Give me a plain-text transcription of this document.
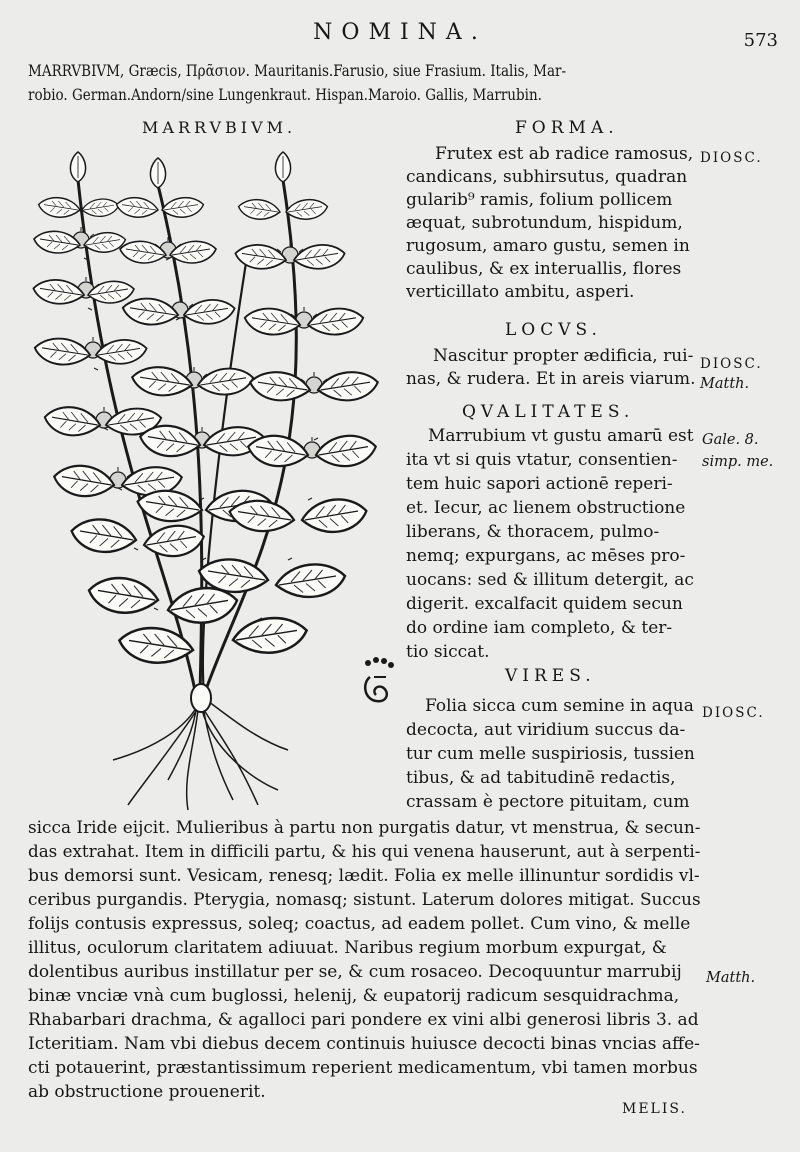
NOMINA.	573
MARRVBIVM, Græcis, Πρᾶσιον. Mauritanis.Farusio, siue Frasium. Italis, Mar-
robio. German.Andorn/sine Lungenkraut. Hispan.Maroio. Gallis, Marrubin.
MARRVBIVM.	FORMA.
Frutex est ab radice ramosus,
candicans, subhirsutus, quadran
gularib⁹ ramis, folium pollicem
æquat, subrotundum, hispidum,
rugosum, amaro gustu, semen in
caulibus, & ex interuallis, flores
verticillato ambitu, asperi.
DIOSC.
LOCVS.
Nascitur propter ædificia, rui-
nas, & rudera. Et in areis viarum.
DIOSC.
Matth.
QVALITATES.
Marrubium vt gustu amarū est
ita vt si quis vtatur, consentien-
tem huic sapori actionē reperi-
et. Iecur, ac lienem obstructione
liberans, & thoracem, pulmo-
nemq; expurgans, ac mēses pro-
uocans: sed & illitum detergit, ac
digerit. excalfacit quidem secun
do ordine iam completo, & ter-
tio siccat.
Gale. 8.
simp. me.
VIRES.
Folia sicca cum semine in aqua
decocta, aut viridium succus da-
tur cum melle suspiriosis, tussien
tibus, & ad tabitudinē redactis,
crassam è pectore pituitam, cum
DIOSC.
sicca Iride eijcit. Mulieribus à partu non purgatis datur, vt menstrua, & secun-
das extrahat. Item in difficili partu, & his qui venena hauserunt, aut à serpenti-
bus demorsi sunt. Vesicam, renesq; lædit. Folia ex melle illinuntur sordidis vl-
ceribus purgandis. Pterygia, nomasq; sistunt. Laterum dolores mitigat. Succus
folijs contusis expressus, soleq; coactus, ad eadem pollet. Cum vino, & melle
illitus, oculorum claritatem adiuuat. Naribus regium morbum expurgat, &
dolentibus auribus instillatur per se, & cum rosaceo. Decoquuntur marrubij
binæ vnciæ vnà cum buglossi, helenij, & eupatorij radicum sesquidrachma,
Rhabarbari drachma, & agalloci pari pondere ex vini albi generosi libris 3. ad
Icteritiam. Nam vbi diebus decem continuis huiusce decocti binas vncias affe-
cti potauerint, præstantissimum reperient medicamentum, vbi tamen morbus
ab obstructione prouenerit.
Matth.
MELIS.
